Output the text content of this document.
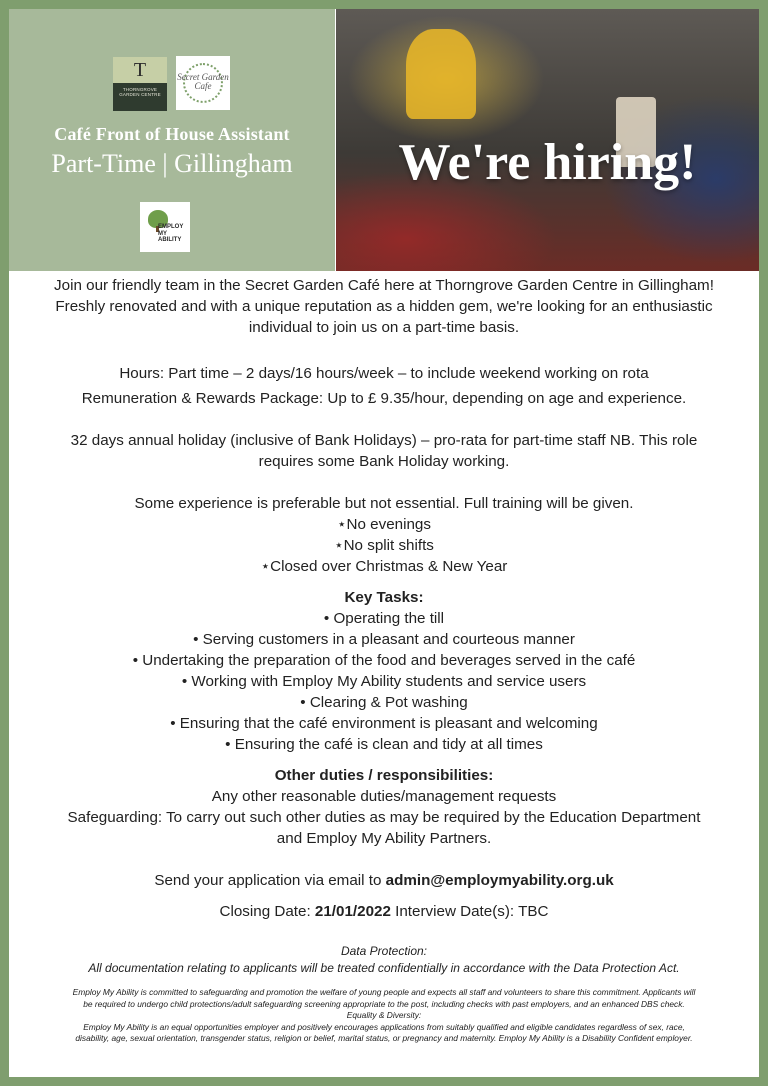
T
THORNGROVE GARDEN CENTRE
Secret Garden Cafe
Café Front of House Assistant
Part-Time | Gillingham
EMPLOY MY ABILITY
We're hiring!

Join our friendly team in the Secret Garden Café here at Thorngrove Garden Centre in Gillingham!

Freshly renovated and with a unique reputation as a hidden gem, we're looking for an enthusiastic

individual to join us on a part-time basis.

Hours: Part time – 2 days/16 hours/week – to include weekend working on rota

Remuneration & Rewards Package: Up to £ 9.35/hour, depending on age and experience.

32 days annual holiday (inclusive of Bank Holidays) – pro-rata for part-time staff NB. This role

requires some Bank Holiday working.

Some experience is preferable but not essential. Full training will be given.

⋆No evenings

⋆No split shifts

⋆Closed over Christmas & New Year

Key Tasks:

• Operating the till

• Serving customers in a pleasant and courteous manner

• Undertaking the preparation of the food and beverages served in the café

• Working with Employ My Ability students and service users

• Clearing & Pot washing

• Ensuring that the café environment is pleasant and welcoming

• Ensuring the café is clean and tidy at all times

Other duties / responsibilities:

Any other reasonable duties/management requests

Safeguarding: To carry out such other duties as may be required by the Education Department

and Employ My Ability Partners.

Send your application via email to admin@employmyability.org.uk

Closing Date: 21/01/2022 Interview Date(s): TBC

Data Protection:

All documentation relating to applicants will be treated confidentially in accordance with the Data Protection Act.

Employ My Ability is committed to safeguarding and promotion the welfare of young people and expects all staff and volunteers to share this commitment. Applicants will

be required to undergo child protections/adult safeguarding screening appropriate to the post, including checks with past employers, and an enhanced DBS check.

Equality & Diversity:

Employ My Ability is an equal opportunities employer and positively encourages applications from suitably qualified and eligible candidates regardless of sex, race,

disability, age, sexual orientation, transgender status, religion or belief, marital status, or pregnancy and maternity. Employ My Ability is a Disability Confident employer.
